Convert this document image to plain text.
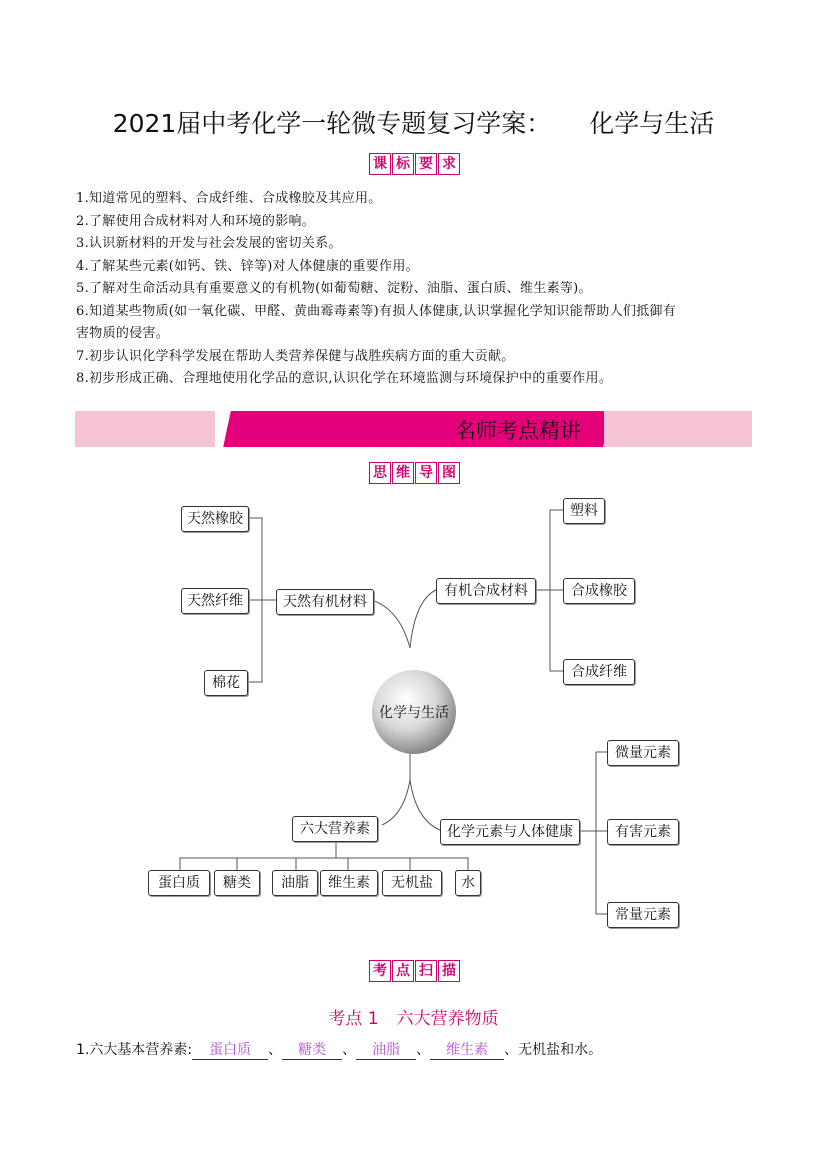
2021届中考化学一轮微专题复习学案： 化学与生活
课 标 要 求
1.知道常见的塑料、合成纤维、合成橡胶及其应用。
2.了解使用合成材料对人和环境的影响。
3.认识新材料的开发与社会发展的密切关系。
4.了解某些元素(如钙、铁、锌等)对人体健康的重要作用。
5.了解对生命活动具有重要意义的有机物(如葡萄糖、淀粉、油脂、蛋白质、维生素等)。
6.知道某些物质(如一氧化碳、甲醛、黄曲霉毒素等)有损人体健康,认识掌握化学知识能帮助人们抵御有
害物质的侵害。
7.初步认识化学科学发展在帮助人类营养保健与战胜疾病方面的重大贡献。
8.初步形成正确、合理地使用化学品的意识,认识化学在环境监测与环境保护中的重要作用。
名师考点精讲
思 维 导 图
天然橡胶
天然纤维
棉花
天然有机材料
有机合成材料
塑料
合成橡胶
合成纤维
化学与生活
六大营养素
蛋白质	糖类	油脂	维生素	无机盐	水
化学元素与人体健康
微量元素
有害元素
常量元素
考 点 扫 描
考点 1 六大营养物质
1.六大基本营养素: 蛋白质 、 糖类 、 油脂 、 维生素 、无机盐和水。
